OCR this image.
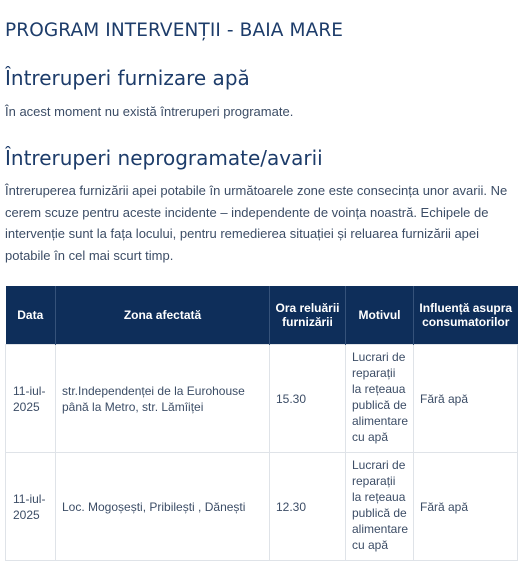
PROGRAM INTERVENȚII - BAIA MARE
Întreruperi furnizare apă

În acest moment nu există întreruperi programate.

Întreruperi neprogramate/avarii

Întreruperea furnizării apei potabile în următoarele zone este consecința unor avarii. Ne cerem scuze pentru aceste incidente – independente de voința noastră. Echipele de intervenție sunt la fața locului, pentru remedierea situației și reluarea furnizării apei potabile în cel mai scurt timp.

Data	Zona afectată	Ora reluării furnizării	Motivul	Influență asupra consumatorilor
11-iul-2025	str.Independenței de la Eurohouse până la Metro, str. Lămîiței	15.30	Lucrari de reparații la rețeaua publică de alimentare cu apă	Fără apă
11-iul-2025	Loc. Mogoșești, Pribilești , Dănești	12.30	Lucrari de reparații la rețeaua publică de alimentare cu apă	Fără apă
